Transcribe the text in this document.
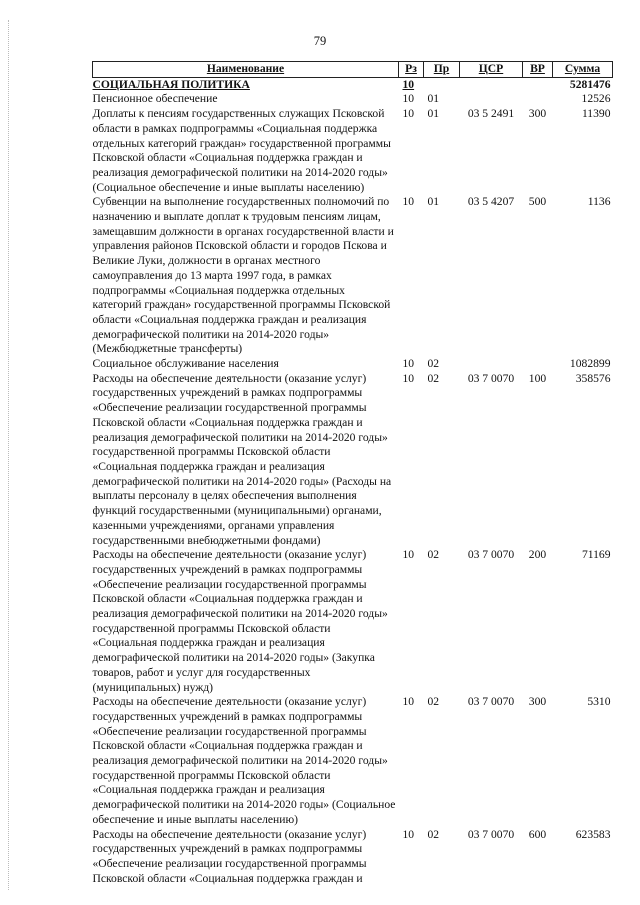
79
Наименование	Рз	Пр	ЦСР	ВР	Сумма
СОЦИАЛЬНАЯ ПОЛИТИКА	10				5281476
Пенсионное обеспечение	10	01			12526
Доплаты к пенсиям государственных служащих Псковской области в рамках подпрограммы «Социальная поддержка отдельных категорий граждан» государственной программы Псковской области «Социальная поддержка граждан и реализация демографической политики на 2014-2020 годы» (Социальное обеспечение и иные выплаты населению)	10	01	03 5 2491	300	11390
Субвенции на выполнение государственных полномочий по назначению и выплате доплат к трудовым пенсиям лицам, замещавшим должности в органах государственной власти и управления районов Псковской области и городов Пскова и Великие Луки, должности в органах местного самоуправления до 13 марта 1997 года, в рамках подпрограммы «Социальная поддержка отдельных категорий граждан» государственной программы Псковской области «Социальная поддержка граждан и реализация демографической политики на 2014-2020 годы» (Межбюджетные трансферты)	10	01	03 5 4207	500	1136
Социальное обслуживание населения	10	02			1082899
Расходы на обеспечение деятельности (оказание услуг) государственных учреждений в рамках подпрограммы «Обеспечение реализации государственной программы Псковской области «Социальная поддержка граждан и реализация демографической политики на 2014-2020 годы» государственной программы Псковской области «Социальная поддержка граждан и реализация демографической политики на 2014-2020 годы» (Расходы на выплаты персоналу в целях обеспечения выполнения функций государственными (муниципальными) органами, казенными учреждениями, органами управления государственными внебюджетными фондами)	10	02	03 7 0070	100	358576
Расходы на обеспечение деятельности (оказание услуг) государственных учреждений в рамках подпрограммы «Обеспечение реализации государственной программы Псковской области «Социальная поддержка граждан и реализация демографической политики на 2014-2020 годы» государственной программы Псковской области «Социальная поддержка граждан и реализация демографической политики на 2014-2020 годы» (Закупка товаров, работ и услуг для государственных (муниципальных) нужд)	10	02	03 7 0070	200	71169
Расходы на обеспечение деятельности (оказание услуг) государственных учреждений в рамках подпрограммы «Обеспечение реализации государственной программы Псковской области «Социальная поддержка граждан и реализация демографической политики на 2014-2020 годы» государственной программы Псковской области «Социальная поддержка граждан и реализация демографической политики на 2014-2020 годы» (Социальное обеспечение и иные выплаты населению)	10	02	03 7 0070	300	5310
Расходы на обеспечение деятельности (оказание услуг) государственных учреждений в рамках подпрограммы «Обеспечение реализации государственной программы Псковской области «Социальная поддержка граждан и	10	02	03 7 0070	600	623583
